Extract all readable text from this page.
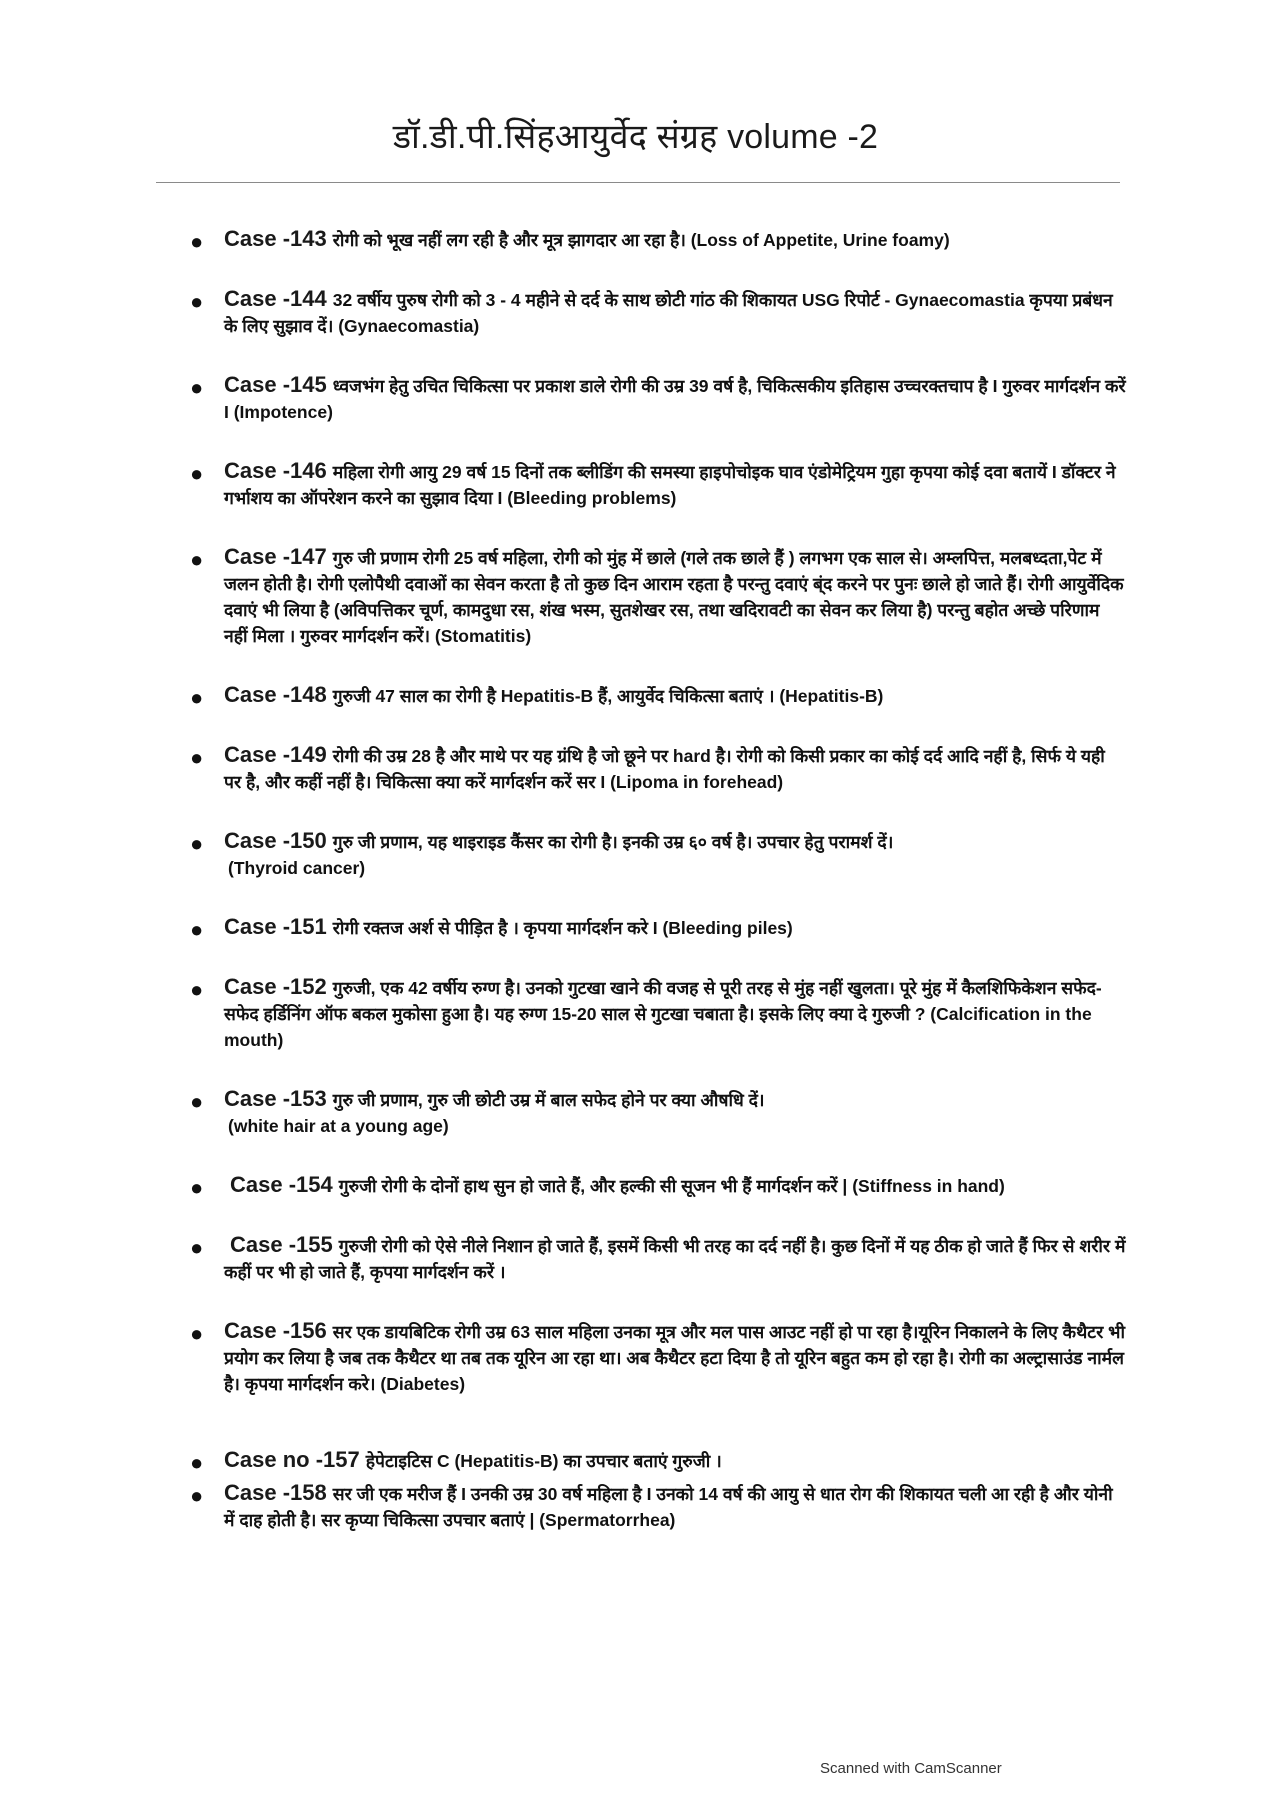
डॉ.डी.पी.सिंहआयुर्वेद संग्रह volume -2
● Case -143 रोगी को भूख नहीं लग रही है और मूत्र झागदार आ रहा है। (Loss of Appetite, Urine foamy)
● Case -144 32 वर्षीय पुरुष रोगी को 3 - 4 महीने से दर्द के साथ छोटी गांठ की शिकायत USG रिपोर्ट - Gynaecomastia कृपया प्रबंधन के लिए सुझाव दें। (Gynaecomastia)
● Case -145 ध्वजभंग हेतु उचित चिकित्सा पर प्रकाश डाले रोगी की उम्र 39 वर्ष है, चिकित्सकीय इतिहास उच्चरक्तचाप है I गुरुवर मार्गदर्शन करें I (Impotence)
● Case -146 महिला रोगी आयु 29 वर्ष 15 दिनों तक ब्लीडिंग की समस्या हाइपोचोइक घाव एंडोमेट्रियम गुहा कृपया कोई दवा बतायें I डॉक्टर ने गर्भाशय का ऑपरेशन करने का सुझाव दिया I (Bleeding problems)
● Case -147 गुरु जी प्रणाम रोगी 25 वर्ष महिला, रोगी को मुंह में छाले (गले तक छाले हैं ) लगभग एक साल से। अम्लपित्त, मलबध्दता,पेट में जलन होती है। रोगी एलोपैथी दवाओं का सेवन करता है तो कुछ दिन आराम रहता है परन्तु दवाएं ब्ंद करने पर पुनः छाले हो जाते हैं। रोगी आयुर्वेदिक दवाएं भी लिया है (अविपत्तिकर चूर्ण, कामदुधा रस, शंख भस्म, सुतशेखर रस, तथा खदिरावटी का सेवन कर लिया है) परन्तु बहोत अच्छे परिणाम नहीं मिला । गुरुवर मार्गदर्शन करें। (Stomatitis)
● Case -148 गुरुजी 47 साल का रोगी है Hepatitis-B हैं, आयुर्वेद चिकित्सा बताएं । (Hepatitis-B)
● Case -149 रोगी की उम्र 28 है और माथे पर यह ग्रंथि है जो छूने पर hard है। रोगी को किसी प्रकार का कोई दर्द आदि नहीं है, सिर्फ ये यही पर है, और कहीं नहीं है। चिकित्सा क्या करें मार्गदर्शन करें सर I (Lipoma in forehead)
● Case -150 गुरु जी प्रणाम, यह थाइराइड कैंसर का रोगी है। इनकी उम्र ६० वर्ष है। उपचार हेतु परामर्श दें।
(Thyroid cancer)
● Case -151 रोगी रक्तज अर्श से पीड़ित है । कृपया मार्गदर्शन करे I (Bleeding piles)
● Case -152 गुरुजी, एक 42 वर्षीय रुग्ण है। उनको गुटखा खाने की वजह से पूरी तरह से मुंह नहीं खुलता। पूरे मुंह में कैलशिफिकेशन सफेद-सफेद हर्डिनिंग ऑफ बकल मुकोसा हुआ है। यह रुग्ण 15-20 साल से गुटखा चबाता है। इसके लिए क्या दे गुरुजी ? (Calcification in the mouth)
● Case -153 गुरु जी प्रणाम, गुरु जी छोटी उम्र में बाल सफेद होने पर क्या औषधि दें।
(white hair at a young age)
● Case -154 गुरुजी रोगी के दोनों हाथ सुन हो जाते हैं, और हल्की सी सूजन भी हैं मार्गदर्शन करें | (Stiffness in hand)
● Case -155 गुरुजी रोगी को ऐसे नीले निशान हो जाते हैं, इसमें किसी भी तरह का दर्द नहीं है। कुछ दिनों में यह ठीक हो जाते हैं फिर से शरीर में कहीं पर भी हो जाते हैं, कृपया मार्गदर्शन करें ।
● Case -156 सर एक डायबिटिक रोगी उम्र 63 साल महिला उनका मूत्र और मल पास आउट नहीं हो पा रहा है।यूरिन निकालने के लिए कैथैटर भी प्रयोग कर लिया है जब तक कैथैटर था तब तक यूरिन आ रहा था। अब कैथैटर हटा दिया है तो यूरिन बहुत कम हो रहा है। रोगी का अल्ट्रासाउंड नार्मल है। कृपया मार्गदर्शन करे। (Diabetes)
● Case no -157 हेपेटाइटिस C (Hepatitis-B) का उपचार बताएं गुरुजी ।
● Case -158 सर जी एक मरीज हैं I उनकी उम्र 30 वर्ष महिला है I उनको 14 वर्ष की आयु से धात रोग की शिकायत चली आ रही है और योनी में दाह होती है। सर कृप्या चिकित्सा उपचार बताएं | (Spermatorrhea)
Scanned with CamScanner
